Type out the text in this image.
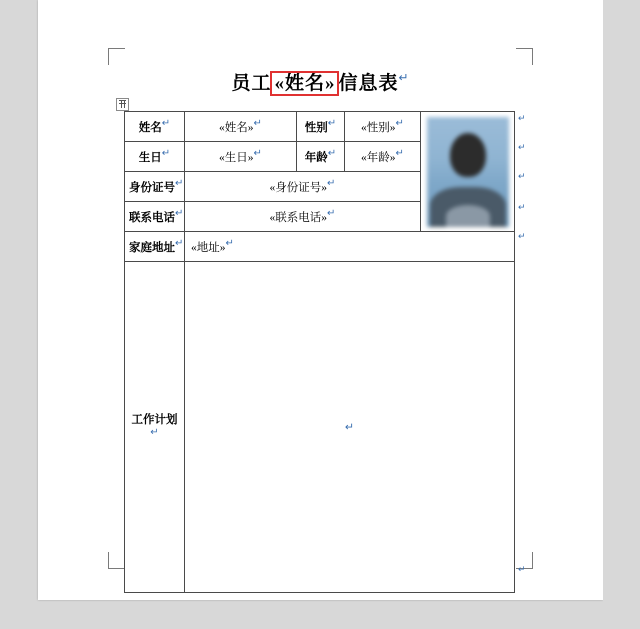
员工 «姓名» 信息表↵
姓名↵	«姓名»↵	性别↵	«性别»↵	

生日↵	«生日»↵	年龄↵	«年龄»↵	
身份证号↵	«身份证号»↵			
联系电话↵	«联系电话»↵			
家庭地址↵	«地址»↵			
工作计划↵	↵			
↵
↵
↵
↵
↵
↵
